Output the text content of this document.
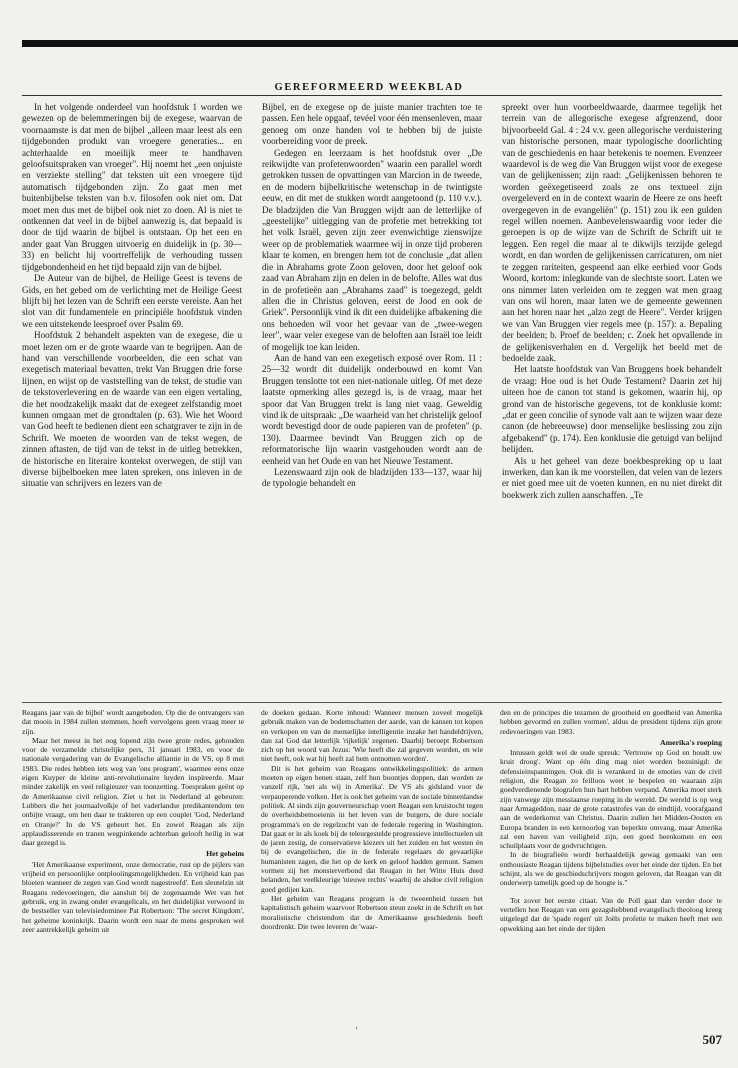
GEREFORMEERD WEEKBLAD

In het volgende onderdeel van hoofdstuk 1 worden we gewezen op de belemmeringen bij de exegese, waarvan de voornaamste is dat men de bijbel „alleen maar leest als een tijdgebonden produkt van vroegere generaties... en achterhaalde en moeilijk meer te handhaven geloofsuitspraken van vroeger". Hij noemt het „een onjuiste en verziekte stelling" dat teksten uit een vroegere tijd automatisch tijdgebonden zijn. Zo gaat men met buitenbijbelse teksten van b.v. filosofen ook niet om. Dat moet men dus met de bijbel ook niet zo doen. Al is niet te ontkennen dat veel in de bijbel aanwezig is, dat bepaald is door de tijd waarin de bijbel is ontstaan. Op het een en ander gaat Van Bruggen uitvoerig en duidelijk in (p. 30—33) en belicht hij voortreffelijk de verhouding tussen tijdgebondenheid en het tijd bepaald zijn van de bijbel.

De Auteur van de bijbel, de Heilige Geest is tevens de Gids, en het gebed om de verlichting met de Heilige Geest blijft bij het lezen van de Schrift een eerste vereiste. Aan het slot van dit fundamentele en principiële hoofdstuk vinden we een uitstekende leesproef over Psalm 69.

Hoofdstuk 2 behandelt aspekten van de exegese, die u moet lezen om er de grote waarde van te begrijpen. Aan de hand van verschillende voorbeelden, die een schat van exegetisch materiaal bevatten, trekt Van Bruggen drie forse lijnen, en wijst op de vaststelling van de tekst, de studie van de tekstoverlevering en de waarde van een eigen vertaling, die het noodzakelijk maakt dat de exegeet zelfstandig moet kunnen omgaan met de grondtalen (p. 63). Wie het Woord van God heeft te bedienen dient een schatgraver te zijn in de Schrift. We moeten de woorden van de tekst wegen, de zinnen aftasten, de tijd van de tekst in de uitleg betrekken, de historische en literaire kontekst overwegen, de stijl van diverse bijbelboeken mee laten spreken, ons inleven in de situatie van schrijvers en lezers van de

Bijbel, en de exegese op de juiste manier trachten toe te passen. Een hele opgaaf, tevéel voor één mensenleven, maar genoeg om onze handen vol te hebben bij de juiste voorbereiding voor de preek.

Gedegen en leerzaam is het hoofdstuk over „De reikwijdte van profetenwoorden" waarin een parallel wordt getrokken tussen de opvattingen van Marcion in de tweede, en de modern bijbelkritische wetenschap in de twintigste eeuw, en dit met de stukken wordt aangetoond (p. 110 v.v.). De bladzijden die Van Bruggen wijdt aan de letterlijke of „geestelijke" uitlegging van de profetie met betrekking tot het volk Israël, geven zijn zeer evenwichtige zienswijze weer op de problematiek waarmee wij in onze tijd proberen klaar te komen, en brengen hem tot de conclusie „dat allen die in Abrahams grote Zoon geloven, door het geloof ook zaad van Abraham zijn en delen in de belofte. Alles wat dus in de profetieën aan „Abrahams zaad" is toegezegd, geldt allen die in Christus geloven, eerst de Jood en ook de Griek". Persoonlijk vind ik dit een duidelijke afbakening die ons behoeden wil voor het gevaar van de „twee-wegen leer", waar veler exegese van de beloften aan Israël toe leidt of mogelijk toe kan leiden.

Aan de hand van een exegetisch exposé over Rom. 11 : 25—32 wordt dit duidelijk onderbouwd en komt Van Bruggen tenslotte tot een niet-nationale uitleg. Of met deze laatste opmerking alles gezegd is, is de vraag, maar het spoor dat Van Bruggen trekt is lang niet vaag. Geweldig vind ik de uitspraak: „De waarheid van het christelijk geloof wordt bevestigd door de oude papieren van de profeten" (p. 130). Daarmee bevindt Van Bruggen zich op de reformatorische lijn waarin vastgehouden wordt aan de eenheid van het Oude en van het Nieuwe Testament.

Lezenswaard zijn ook de bladzijden 133—137, waar hij de typologie behandelt en

spreekt over hun voorbeeldwaarde, daarmee tegelijk het terrein van de allegorische exegese afgrenzend, door bijvoorbeeld Gal. 4 : 24 v.v. geen allegorische verduistering van historische personen, maar typologische doorlichting van de geschiedenis en haar betekenis te noemen. Evenzeer waardevol is de weg die Van Bruggen wijst voor de exegese van de gelijkenissen; zijn raad: „Gelijkenissen behoren te worden geëxegetiseerd zoals ze ons textueel zijn overgeleverd en in de context waarin de Heere ze ons heeft overgegeven in de evangeliën" (p. 151) zou ik een gulden regel willen noemen. Aanbevelenswaardig voor ieder die geroepen is op de wijze van de Schrift de Schrift uit te leggen. Een regel die maar al te dikwijls terzijde gelegd wordt, en dan worden de gelijkenissen carricaturen, om niet te zeggen rariteiten, gespeend aan elke eerbied voor Gods Woord, kortom: inlegkunde van de slechtste soort. Laten we ons nimmer laten verleiden om te zeggen wat men graag van ons wil horen, maar laten we de gemeente gewennen aan het horen naar het „alzo zegt de Heere". Verder krijgen we van Van Bruggen vier regels mee (p. 157): a. Bepaling der beelden; b. Proef de beelden; c. Zoek het opvallende in de gelijkenisverhalen en d. Vergelijk het beeld met de bedoelde zaak.

Het laatste hoofdstuk van Van Bruggens boek behandelt de vraag: Hoe oud is het Oude Testament? Daarin zet hij uiteen hoe de canon tot stand is gekomen, waarin hij, op grond van de historische gegevens, tot de konklusie komt: „dat er geen concilie of synode valt aan te wijzen waar deze canon (de hebreeuwse) door menselijke beslissing zou zijn afgebakend" (p. 174). Een konklusie die getuigd van belijnd belijden.

Als u het geheel van deze boekbespreking op u laat inwerken, dan kan ik me voorstellen, dat velen van de lezers er niet goed mee uit de voeten kunnen, en nu niet direkt dit boekwerk zich zullen aanschaffen. „Te

Reagans jaar van de bijbel' wordt aangeboden. Op die de ontvangers van dat moois in 1984 zullen stemmen, hoeft vervolgens geen vraag meer te zijn.

Maar het meest in het oog lopend zijn twee grote redes, gehouden voor de verzamelde christelijke pers, 31 januari 1983, en voor de nationale vergadering van de Evangelische alliantie in de VS, op 8 mei 1983. Die redes hebben iets weg van 'ons program', waarmee eens onze eigen Kuyper de kleine anti-revolutionaire luyden inspireerde. Maar minder zakelijk en veel religieuzer van toonzetting. Toespraken geënt op de Amerikaanse civil religion. Ziet u het in Nederland al gebeuren: Lubbers die het journaalvolkje of het vaderlandse predikantendom ten onbijte vraagt, om hen daar te trakteren op een couplet 'God, Nederland en Oranje?' In de VS gebeurt het. En zowel Reagan als zijn applaudisserende en tranen wegpinkende achterban gelooft heilig in wat daar gezegd is.

Het geheim

'Het Amerikaanse experiment, onze democratie, rust op de pijlers van vrijheid en persoonlijke ontplooiingsmogelijkheden. En vrijheid kan pas bloeien wanneer de zegen van God wordt nagestreefd'. Een sleutelzin uit Reagans redevoeringen, die aansluit bij de zogenaamde Wet van het gebruik, erg in zwang onder evangelicals, en het duidelijkst verwoord in de bestseller van televisiedominee Pat Robertson: 'The secret Kingdom', het geheime koninkrijk. Daarin wordt een naar de mens gesproken wel zeer aantrekkelijk geheim uit

de doeken gedaan. Korte inhoud: Wanneer mensen zoveel mogelijk gebruik maken van de bodemschatten der aarde, van de kansen tot kopen en verkopen en van de menselijke intelligentie inzake het handeldrijven, dan zal God dat letterlijk 'rijkelijk' zegenen. Daarbij beroept Robertson zich op het woord van Jezus: 'Wie heeft die zal gegeven worden, en wie niet heeft, ook wat hij heeft zal hem ontnomen worden'.

Dit is het geheim van Reagans ontwikkelingspolitiek: de armen moeten op eigen benen staan, zelf hun boontjes doppen, dan worden ze vanzelf rijk, 'net als wij in Amerika'. De VS als gidsland voor de verpauperende volken. Het is ook het geheim van de sociale binnenlandse politiek. Al sinds zijn gouverneurschap voert Reagan een kruistocht tegen de overheidsbemoeienis in het leven van de burgers, de dure sociale programma's en de regelzucht van de federale regering in Washington. Dat gaat er in als koek bij de teleurgestelde progressieve intellectuelen uit de jaren zestig, de conservatieve kiezers uit het zuiden en het westen én bij de evangelischen, die in de federale regelaars de gevaarlijke humanisten zagen, die het op de kerk en geloof hadden gemunt. Samen vormen zij het monsterverbond dat Reagan in het Witte Huis deed belanden, het veelkleurige 'nieuwe rechts' waarbij de alsdoe civil religion goed gedijen kan.

Het geheim van Reagans program is de tweeenheid tussen het kapitalistisch geheim waarvoor Robertson steun zoekt in de Schrift en het moralistische christendom dat de Amerikaanse geschiedenis heeft doordrenkt. Die twee leveren de 'waar-

den en de principes die tezamen de grootheid en goedheid van Amerika hebben gevormd en zullen vormen', aldus de president tijdens zijn grote redevoeringen van 1983.

Amerika's roeping

Intussen geldt wel de oude spreuk: 'Vertrouw op God en houdt uw kruit droog'. Want op één ding mag niet worden bezuinigd: de defensieinspanningen. Ook dit is verankerd in de emoties van de civil religion, die Reagan zo feilloos weet te bespelen en waaraan zijn goedverdienende biografen hun hart hebben verpand. Amerika moet sterk zijn vanwege zijn messiaanse roeping in de wereld. De wereld is op weg naar Armageddon, naar de grote catastrofes van de eindtijd, voorafgaand aan de wederkomst van Christus. Daarin zullen het Midden-Oosten en Europa branden in een kernoorlog van beperkte omvang, maar Amerika zal een haven van veiligheid zijn, een goed heenkomen en een schuilplaats voor de godvruchtigen.

In de biografieën wordt herhaaldelijk gewag gemaakt van een enthousiaste Reagan tijdens bijbelstudies over het einde der tijden. En het schijnt, als we de geschiedschrijvers mogen geloven, dat Reagan van dit onderwerp tamelijk goed op de hoogte is."

Tot zover het eerste citaat. Van de Poll gaat dan verder door te vertellen hoe Reagan van een gezagshebbend evangelisch theoloog kreeg uitgelegd dat de 'spade regen' uit Joëls profetie te maken heeft met een opwekking aan het einde der tijden

507
‚
